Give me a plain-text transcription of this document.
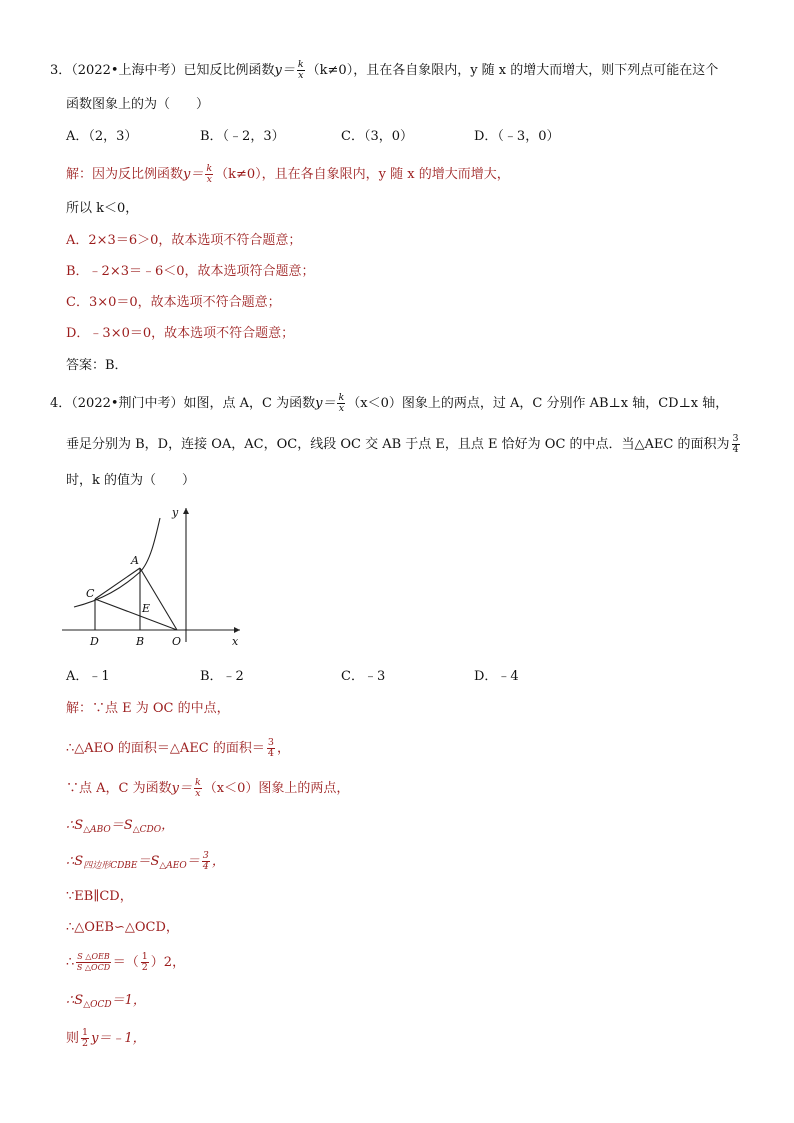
3．（2022•上海中考）已知反比例函数$y= \frac{k}{x} (k\ne 0)$，且在各自象限内，y 随 x 的增大而增大，则下列点可能在这个
函数图象上的为（　　）
A．（2，3）	B．（﹣2，3）	C．（3，0）	D．（﹣3，0）
解：因为反比例函数$y= \frac{k}{x} (k\ne 0)$，且在各自象限内，y 随 x 的增大而增大，
所以 k＜0，
A．2×3＝6＞0，故本选项不符合题意；
B．﹣2×3＝﹣6＜0，故本选项符合题意；
C．3×0＝0，故本选项不符合题意；
D．﹣3×0＝0，故本选项不符合题意；
答案：B．
4．（2022•荆门中考）如图，点 A，C 为函数$y= \frac{k}{x} (x<0)$图象上的两点，过 A，C 分别作 AB⊥x 轴，CD⊥x 轴，
垂足分别为 B，D，连接 OA，AC，OC，线段 OC 交 AB 于点 E，且点 E 恰好为 OC 的中点．当△AEC 的面积为 $\frac{3}{4}$
时，k 的值为（　　）
y
x
A
C
E
D	B	O
A．﹣1	B．﹣2	C．﹣3	D．﹣4
解：∵点 E 为 OC 的中点，
∴△AEO 的面积＝△AEC 的面积＝ $\frac{3}{4}$ ，
∵点 A，C 为函数$y= \frac{k}{x} (x<0)$图象上的两点，
$\therefore S_{\triangle ABO}=S_{\triangle CDO}$，
$\therefore S_{四边形CDBE}=S_{\triangle AEO}= \frac{3}{4}$ ，
∵EB∥CD，
∴△OEB∽△OCD，
∴ $\frac{\text{S △OEB}}{\text{S △OCD}}$ ＝（ $\frac{1}{2} )2$，
$\therefore S_{\triangle OCD}=1$，
则 $\frac{1}{2}$ y＝﹣1，
